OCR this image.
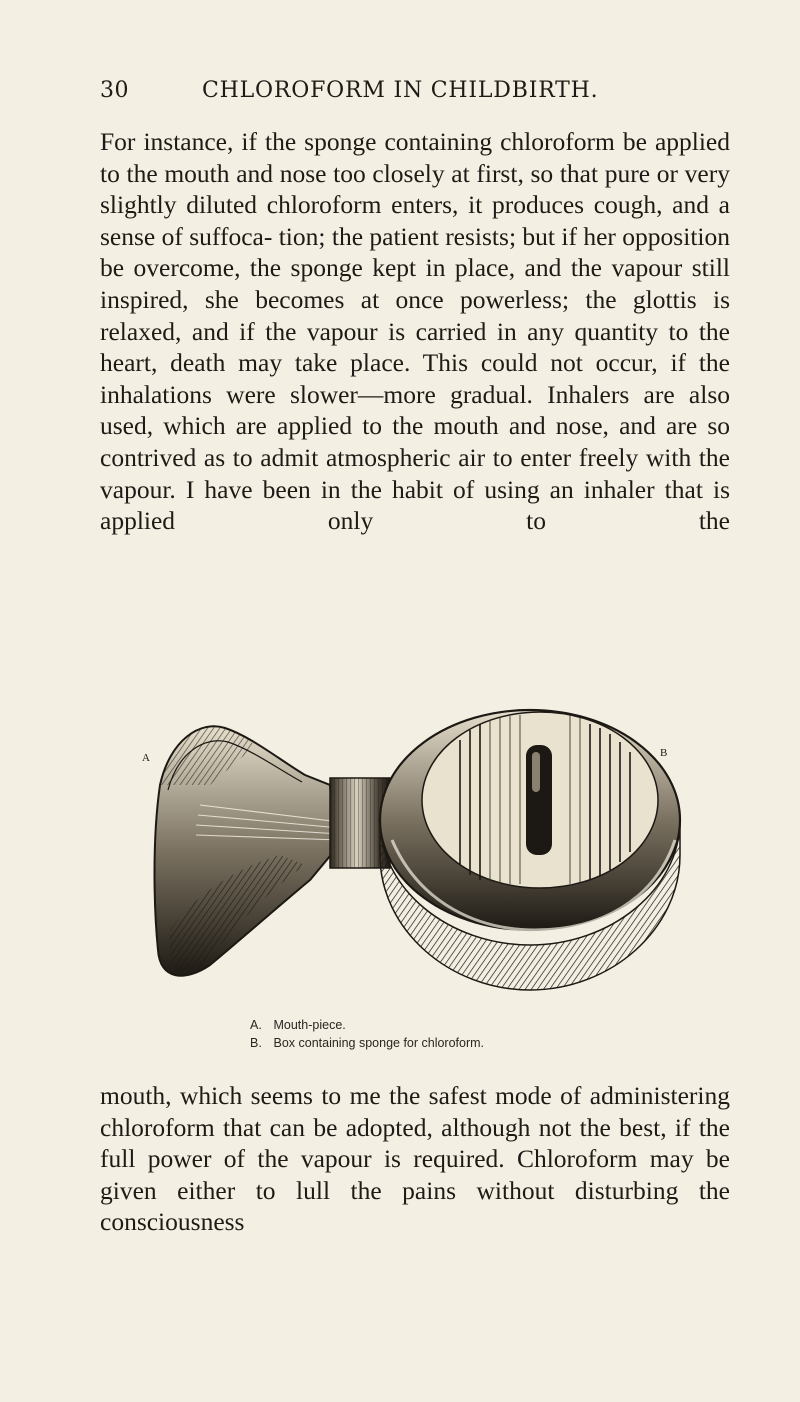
30	CHLOROFORM IN CHILDBIRTH.

For instance, if the sponge containing chloroform be applied to the mouth and nose too closely at first, so that pure or very slightly diluted chloroform enters, it produces cough, and a sense of suffoca- tion; the patient resists; but if her opposition be overcome, the sponge kept in place, and the vapour still inspired, she becomes at once powerless; the glottis is relaxed, and if the vapour is carried in any quantity to the heart, death may take place. This could not occur, if the inhalations were slower—more gradual. Inhalers are also used, which are applied to the mouth and nose, and are so contrived as to admit atmospheric air to enter freely with the vapour. I have been in the habit of using an inhaler that is applied only to the

A	B
A. Mouth-piece.
B. Box containing sponge for chloroform.

mouth, which seems to me the safest mode of administering chloroform that can be adopted, although not the best, if the full power of the vapour is required. Chloroform may be given either to lull the pains without disturbing the consciousness
